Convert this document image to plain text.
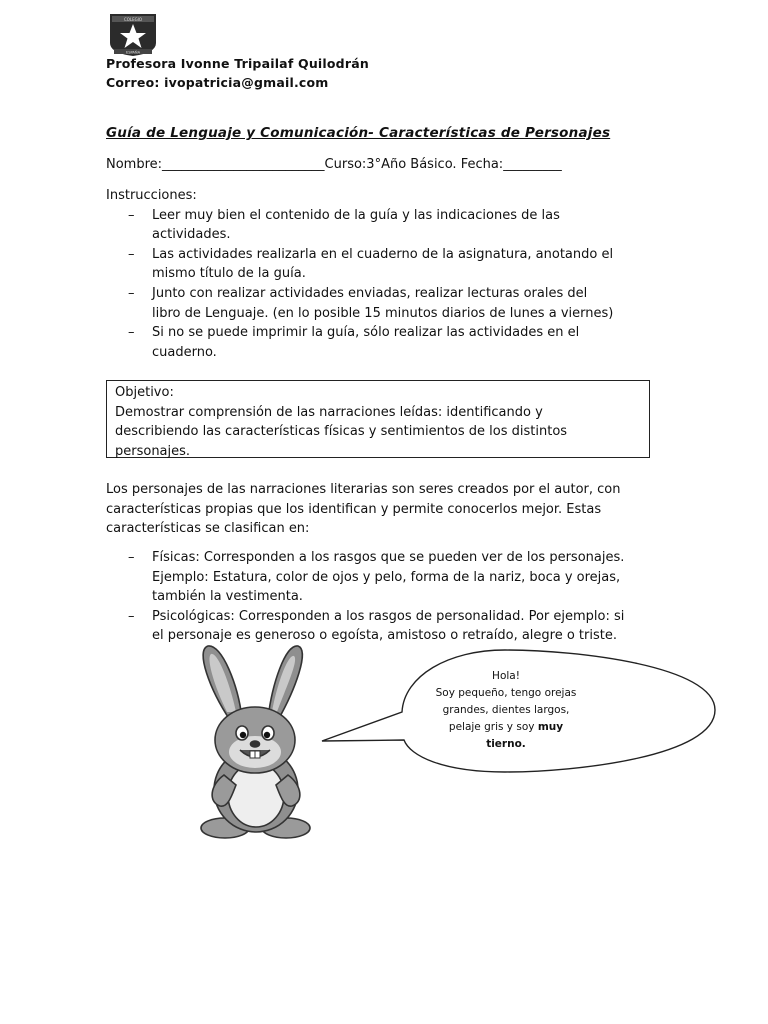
COLEGIO
ESPAÑA
Profesora Ivonne Tripailaf Quilodrán
Correo: ivopatricia@gmail.com
Guía de Lenguaje y Comunicación- Características de Personajes
Nombre:_________________________Curso:3°Año Básico. Fecha:_________
Instrucciones:
– Leer muy bien el contenido de la guía y las indicaciones de las
actividades.
– Las actividades realizarla en el cuaderno de la asignatura, anotando el
mismo título de la guía.
– Junto con realizar actividades enviadas, realizar lecturas orales del
libro de Lenguaje. (en lo posible 15 minutos diarios de lunes a viernes)
– Si no se puede imprimir la guía, sólo realizar las actividades en el
cuaderno.
Objetivo:
Demostrar comprensión de las narraciones leídas: identificando y
describiendo las características físicas y sentimientos de los distintos
personajes.
Los personajes de las narraciones literarias son seres creados por el autor, con
características propias que los identifican y permite conocerlos mejor. Estas
características se clasifican en:
– Físicas: Corresponden a los rasgos que se pueden ver de los personajes.
Ejemplo: Estatura, color de ojos y pelo, forma de la nariz, boca y orejas,
también la vestimenta.
– Psicológicas: Corresponden a los rasgos de personalidad. Por ejemplo: si
el personaje es generoso o egoísta, amistoso o retraído, alegre o triste.
Hola!
Soy pequeño, tengo orejas
grandes, dientes largos,
pelaje gris y soy muy
tierno.
